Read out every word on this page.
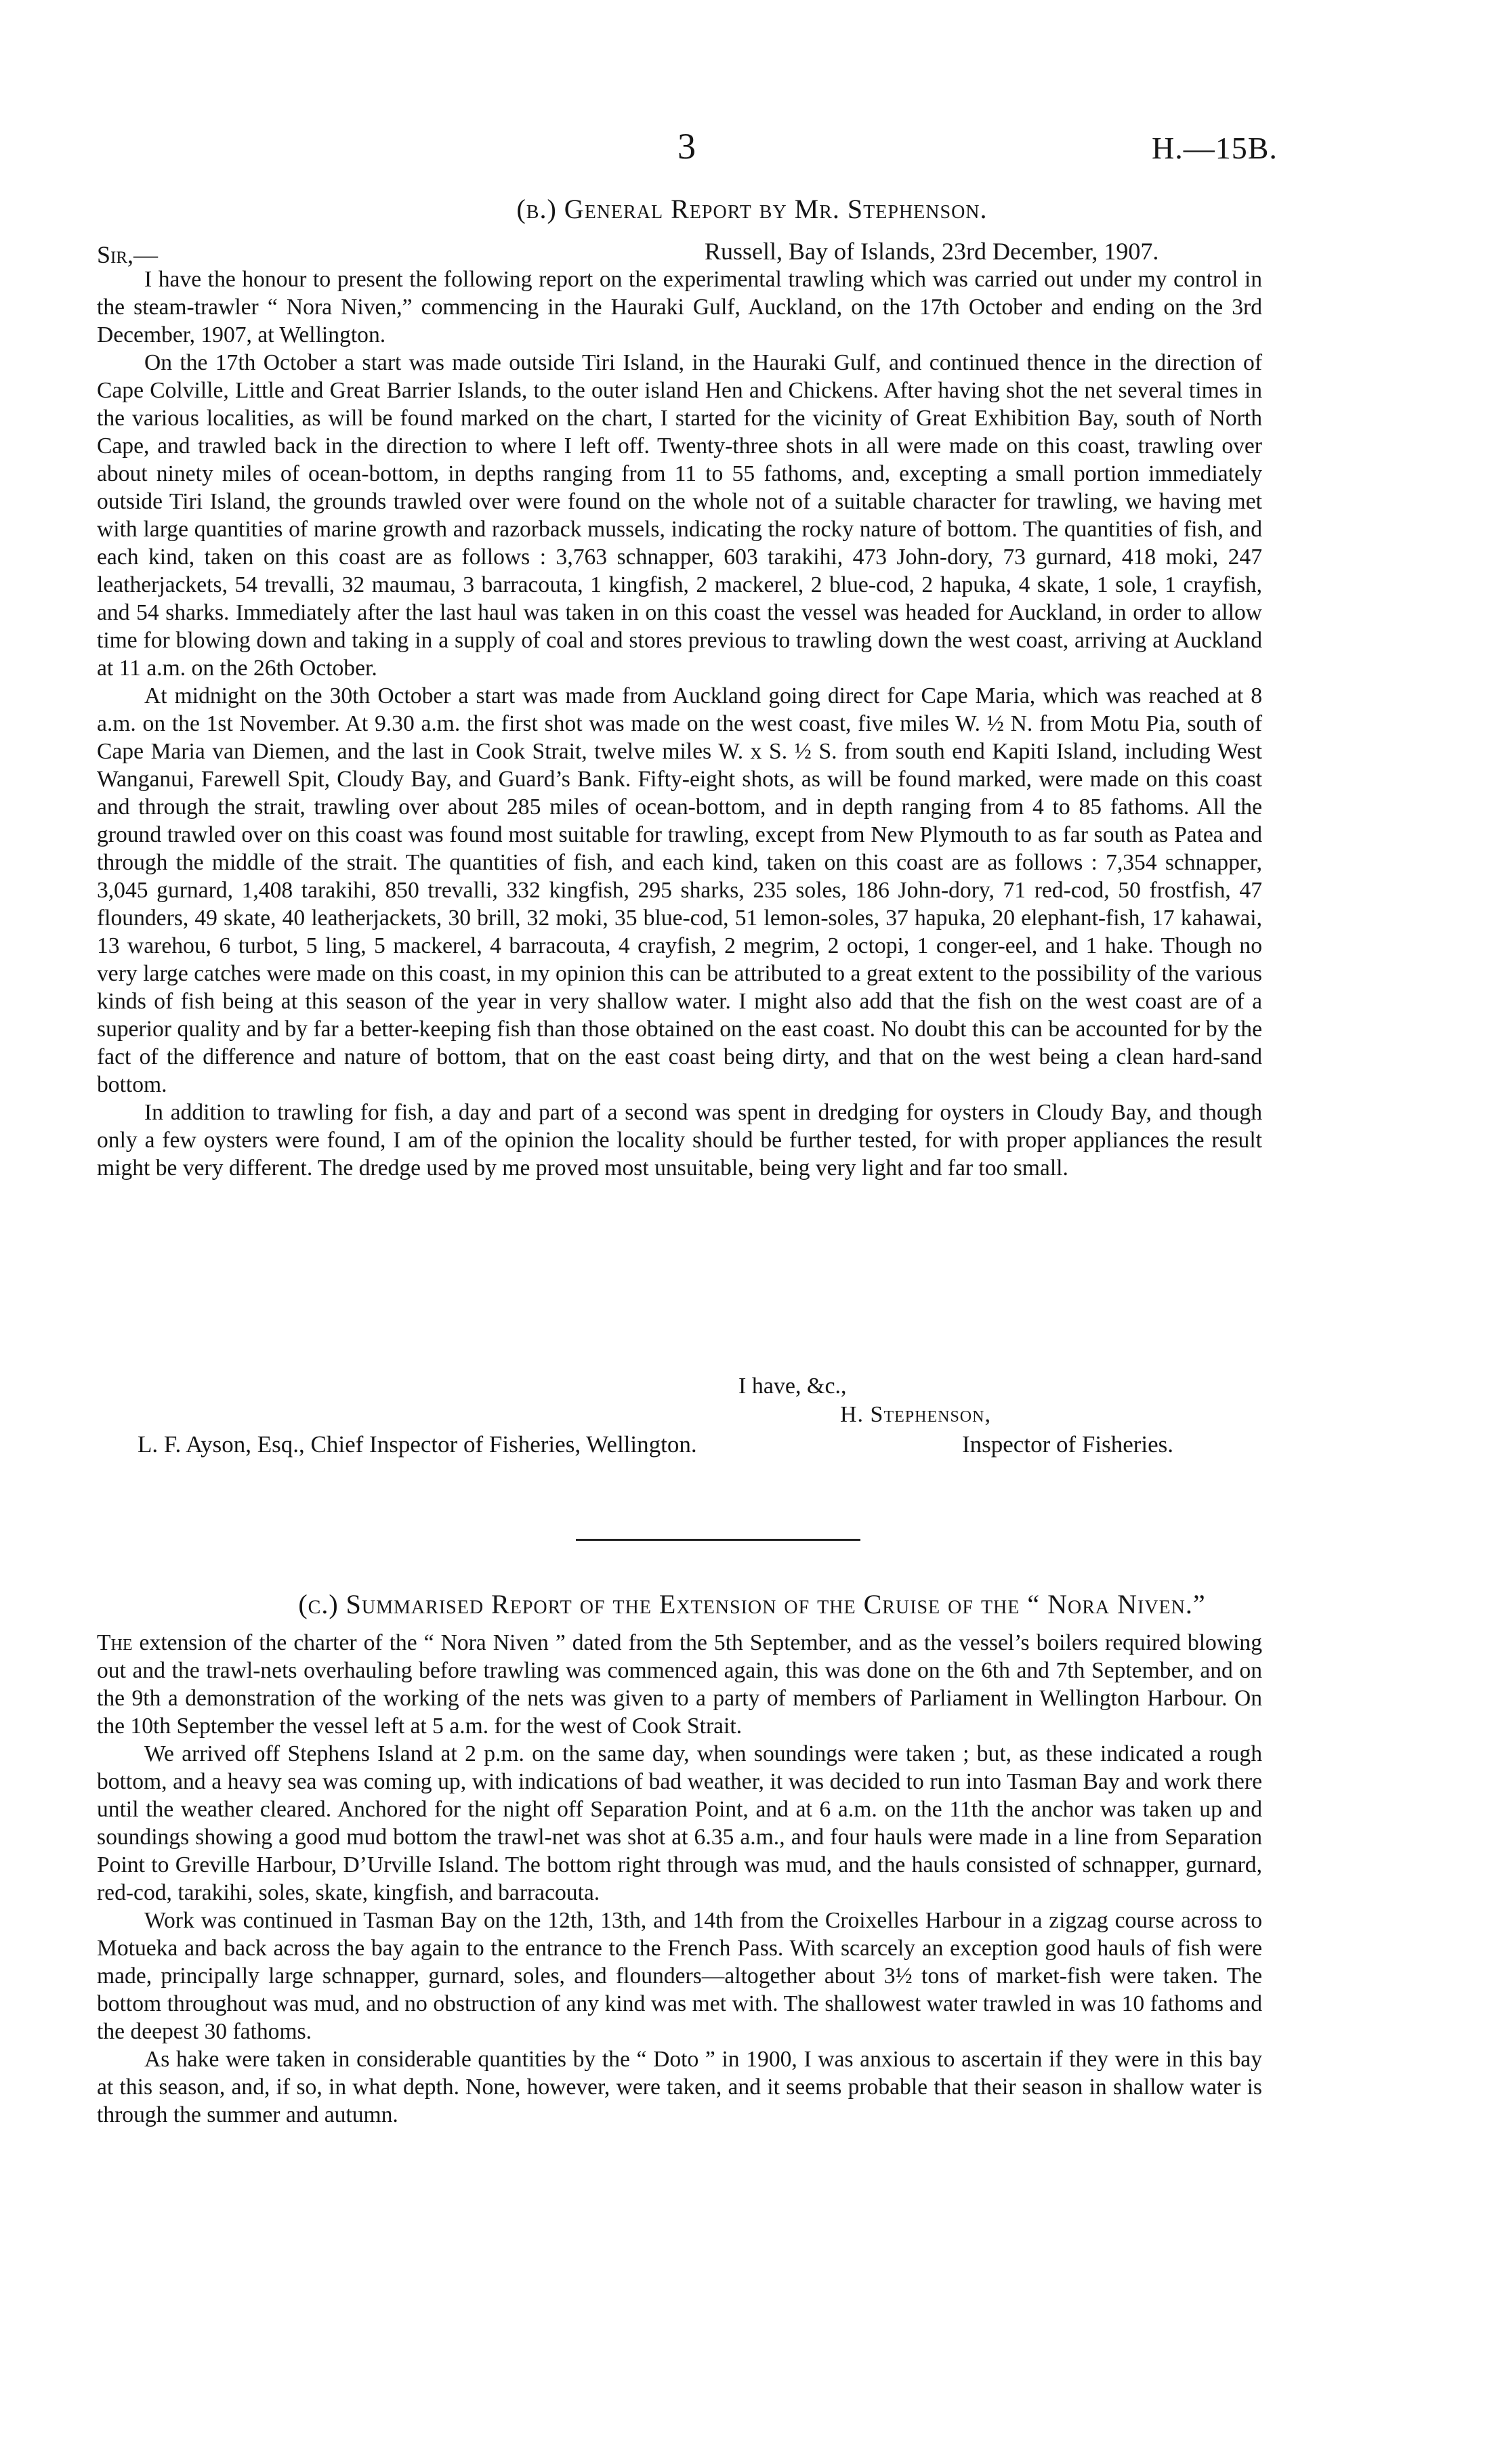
3	H.—15B.
(b.) General Report by Mr. Stephenson.
Sir,—	Russell, Bay of Islands, 23rd December, 1907.

I have the honour to present the following report on the experimental trawling which was carried out under my control in the steam-trawler “ Nora Niven,” commencing in the Hauraki Gulf, Auckland, on the 17th October and ending on the 3rd December, 1907, at Wellington.

On the 17th October a start was made outside Tiri Island, in the Hauraki Gulf, and continued thence in the direction of Cape Colville, Little and Great Barrier Islands, to the outer island Hen and Chickens. After having shot the net several times in the various localities, as will be found marked on the chart, I started for the vicinity of Great Exhibition Bay, south of North Cape, and trawled back in the direction to where I left off. Twenty-three shots in all were made on this coast, trawling over about ninety miles of ocean-bottom, in depths ranging from 11 to 55 fathoms, and, excepting a small portion immediately outside Tiri Island, the grounds trawled over were found on the whole not of a suitable character for trawling, we having met with large quantities of marine growth and razorback mussels, indicating the rocky nature of bottom. The quantities of fish, and each kind, taken on this coast are as follows : 3,763 schnapper, 603 tarakihi, 473 John-dory, 73 gurnard, 418 moki, 247 leatherjackets, 54 trevalli, 32 maumau, 3 barracouta, 1 kingfish, 2 mackerel, 2 blue-cod, 2 hapuka, 4 skate, 1 sole, 1 crayfish, and 54 sharks. Immediately after the last haul was taken in on this coast the vessel was headed for Auckland, in order to allow time for blowing down and taking in a supply of coal and stores previous to trawling down the west coast, arriving at Auckland at 11 a.m. on the 26th October.

At midnight on the 30th October a start was made from Auckland going direct for Cape Maria, which was reached at 8 a.m. on the 1st November. At 9.30 a.m. the first shot was made on the west coast, five miles W. ½ N. from Motu Pia, south of Cape Maria van Diemen, and the last in Cook Strait, twelve miles W. x S. ½ S. from south end Kapiti Island, including West Wanganui, Farewell Spit, Cloudy Bay, and Guard’s Bank. Fifty-eight shots, as will be found marked, were made on this coast and through the strait, trawling over about 285 miles of ocean-bottom, and in depth ranging from 4 to 85 fathoms. All the ground trawled over on this coast was found most suitable for trawling, except from New Plymouth to as far south as Patea and through the middle of the strait. The quantities of fish, and each kind, taken on this coast are as follows : 7,354 schnapper, 3,045 gurnard, 1,408 tarakihi, 850 trevalli, 332 kingfish, 295 sharks, 235 soles, 186 John-dory, 71 red-cod, 50 frostfish, 47 flounders, 49 skate, 40 leatherjackets, 30 brill, 32 moki, 35 blue-cod, 51 lemon-soles, 37 hapuka, 20 elephant-fish, 17 kahawai, 13 warehou, 6 turbot, 5 ling, 5 mackerel, 4 barracouta, 4 crayfish, 2 megrim, 2 octopi, 1 conger-eel, and 1 hake. Though no very large catches were made on this coast, in my opinion this can be attributed to a great extent to the possibility of the various kinds of fish being at this season of the year in very shallow water. I might also add that the fish on the west coast are of a superior quality and by far a better-keeping fish than those obtained on the east coast. No doubt this can be accounted for by the fact of the difference and nature of bottom, that on the east coast being dirty, and that on the west being a clean hard-sand bottom.

In addition to trawling for fish, a day and part of a second was spent in dredging for oysters in Cloudy Bay, and though only a few oysters were found, I am of the opinion the locality should be further tested, for with proper appliances the result might be very different. The dredge used by me proved most unsuitable, being very light and far too small.

I have, &c.,
H. Stephenson,
L. F. Ayson, Esq., Chief Inspector of Fisheries, Wellington.	Inspector of Fisheries.
(c.) Summarised Report of the Extension of the Cruise of the “ Nora Niven.”

The extension of the charter of the “ Nora Niven ” dated from the 5th September, and as the vessel’s boilers required blowing out and the trawl-nets overhauling before trawling was commenced again, this was done on the 6th and 7th September, and on the 9th a demonstration of the working of the nets was given to a party of members of Parliament in Wellington Harbour. On the 10th September the vessel left at 5 a.m. for the west of Cook Strait.

We arrived off Stephens Island at 2 p.m. on the same day, when soundings were taken ; but, as these indicated a rough bottom, and a heavy sea was coming up, with indications of bad weather, it was decided to run into Tasman Bay and work there until the weather cleared. Anchored for the night off Separation Point, and at 6 a.m. on the 11th the anchor was taken up and soundings showing a good mud bottom the trawl-net was shot at 6.35 a.m., and four hauls were made in a line from Separation Point to Greville Harbour, D’Urville Island. The bottom right through was mud, and the hauls consisted of schnapper, gurnard, red-cod, tarakihi, soles, skate, kingfish, and barracouta.

Work was continued in Tasman Bay on the 12th, 13th, and 14th from the Croixelles Harbour in a zigzag course across to Motueka and back across the bay again to the entrance to the French Pass. With scarcely an exception good hauls of fish were made, principally large schnapper, gurnard, soles, and flounders—altogether about 3½ tons of market-fish were taken. The bottom throughout was mud, and no obstruction of any kind was met with. The shallowest water trawled in was 10 fathoms and the deepest 30 fathoms.

As hake were taken in considerable quantities by the “ Doto ” in 1900, I was anxious to ascertain if they were in this bay at this season, and, if so, in what depth. None, however, were taken, and it seems probable that their season in shallow water is through the summer and autumn.
